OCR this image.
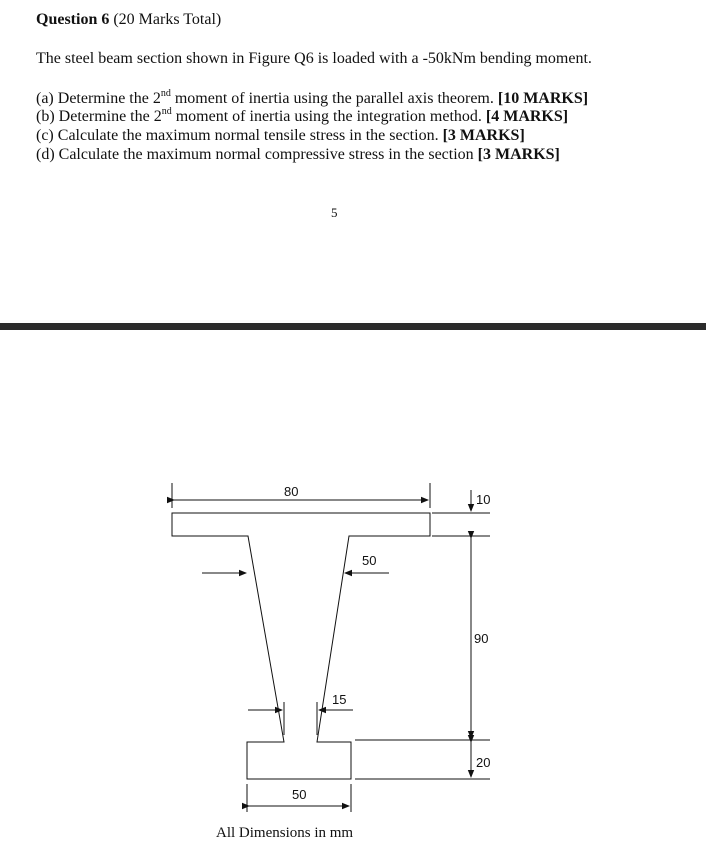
Question 6 (20 Marks Total)
The steel beam section shown in Figure Q6 is loaded with a -50kNm bending moment.
(a) Determine the 2nd moment of inertia using the parallel axis theorem. [10 MARKS]
(b) Determine the 2nd moment of inertia using the integration method. [4 MARKS]
(c) Calculate the maximum normal tensile stress in the section. [3 MARKS]
(d) Calculate the maximum normal compressive stress in the section [3 MARKS]
5
80
10
50
90
15
20
50
All Dimensions in mm
